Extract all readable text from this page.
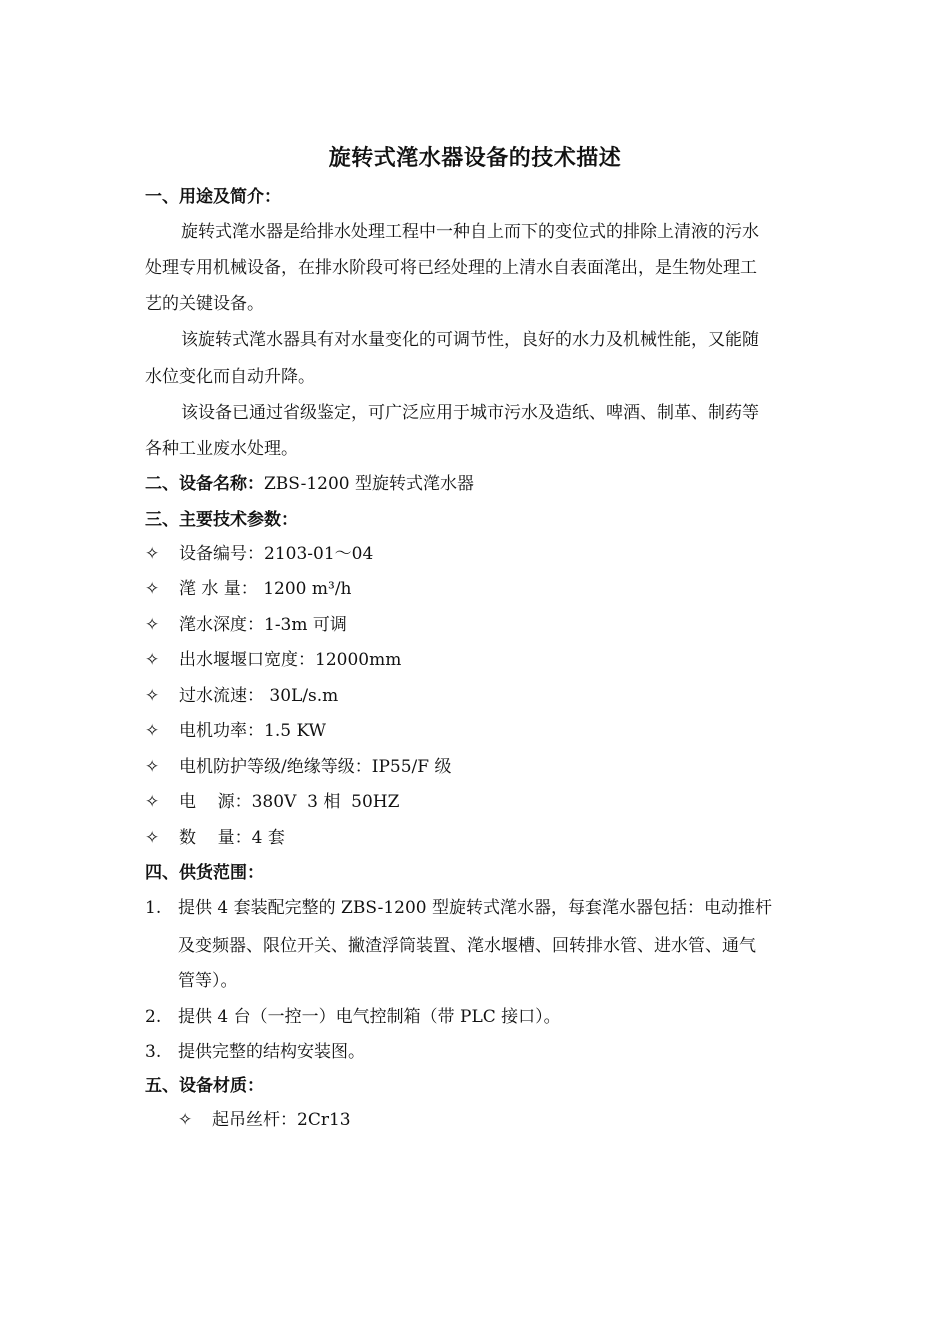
旋转式滗水器设备的技术描述
一、用途及简介：
旋转式滗水器是给排水处理工程中一种自上而下的变位式的排除上清液的污水
处理专用机械设备，在排水阶段可将已经处理的上清水自表面滗出，是生物处理工
艺的关键设备。
该旋转式滗水器具有对水量变化的可调节性，良好的水力及机械性能，又能随
水位变化而自动升降。
该设备已通过省级鉴定，可广泛应用于城市污水及造纸、啤酒、制革、制药等
各种工业废水处理。
二、设备名称：ZBS-1200 型旋转式滗水器
三、主要技术参数：
✧ 设备编号：2103-01～04
✧ 滗 水 量： 1200 m³/h
✧ 滗水深度：1-3m 可调
✧ 出水堰堰口宽度：12000mm
✧ 过水流速： 30L/s.m
✧ 电机功率：1.5 KW
✧ 电机防护等级/绝缘等级：IP55/F 级
✧ 电    源：380V  3 相  50HZ
✧ 数    量：4 套
四、供货范围：
1. 提供 4 套装配完整的 ZBS-1200 型旋转式滗水器，每套滗水器包括：电动推杆
及变频器、限位开关、撇渣浮筒装置、滗水堰槽、回转排水管、进水管、通气
管等）。
2. 提供 4 台（一控一）电气控制箱（带 PLC 接口）。
3. 提供完整的结构安装图。
五、设备材质：
✧ 起吊丝杆：2Cr13
